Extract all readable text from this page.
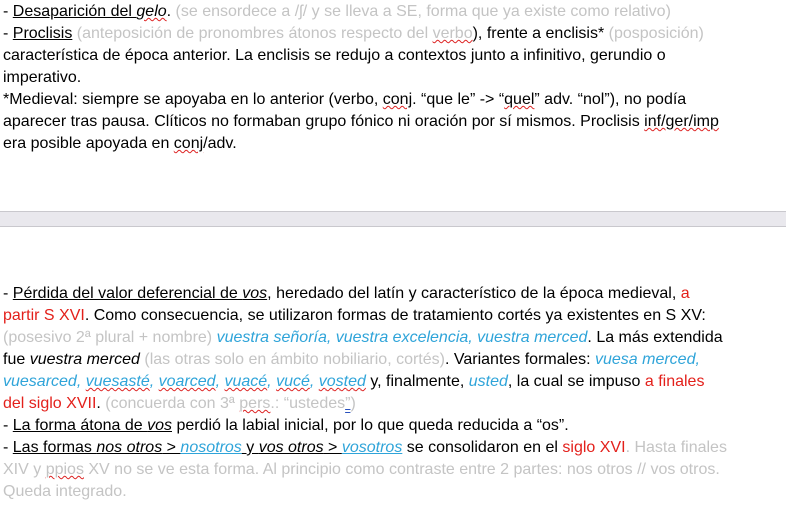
- Desaparición del gelo. (se ensordece a /ʃ/ y se lleva a SE, forma que ya existe como relativo)
- Proclisis (anteposición de pronombres átonos respecto del verbo), frente a enclisis* (posposición)
característica de época anterior. La enclisis se redujo a contextos junto a infinitivo, gerundio o
imperativo.
*Medieval: siempre se apoyaba en lo anterior (verbo, conj. “que le” -> “quel” adv. “nol”), no podía
aparecer tras pausa. Clíticos no formaban grupo fónico ni oración por sí mismos. Proclisis inf/ger/imp
era posible apoyada en conj/adv.
- Pérdida del valor deferencial de vos, heredado del latín y característico de la época medieval, a
partir S XVI. Como consecuencia, se utilizaron formas de tratamiento cortés ya existentes en S XV:
(posesivo 2ª plural + nombre) vuestra señoría, vuestra excelencia, vuestra merced. La más extendida
fue vuestra merced (las otras solo en ámbito nobiliario, cortés). Variantes formales: vuesa merced,
vuesarced, vuesasté, voarced, vuacé, vucé, vosted y, finalmente, usted, la cual se impuso a finales
del siglo XVII. (concuerda con 3ª pers.: “ustedes”)
- La forma átona de vos perdió la labial inicial, por lo que queda reducida a “os”.
- Las formas nos otros > nosotros y vos otros > vosotros se consolidaron en el siglo XVI. Hasta finales
XIV y ppios XV no se ve esta forma. Al principio como contraste entre 2 partes: nos otros // vos otros.
Queda integrado.
